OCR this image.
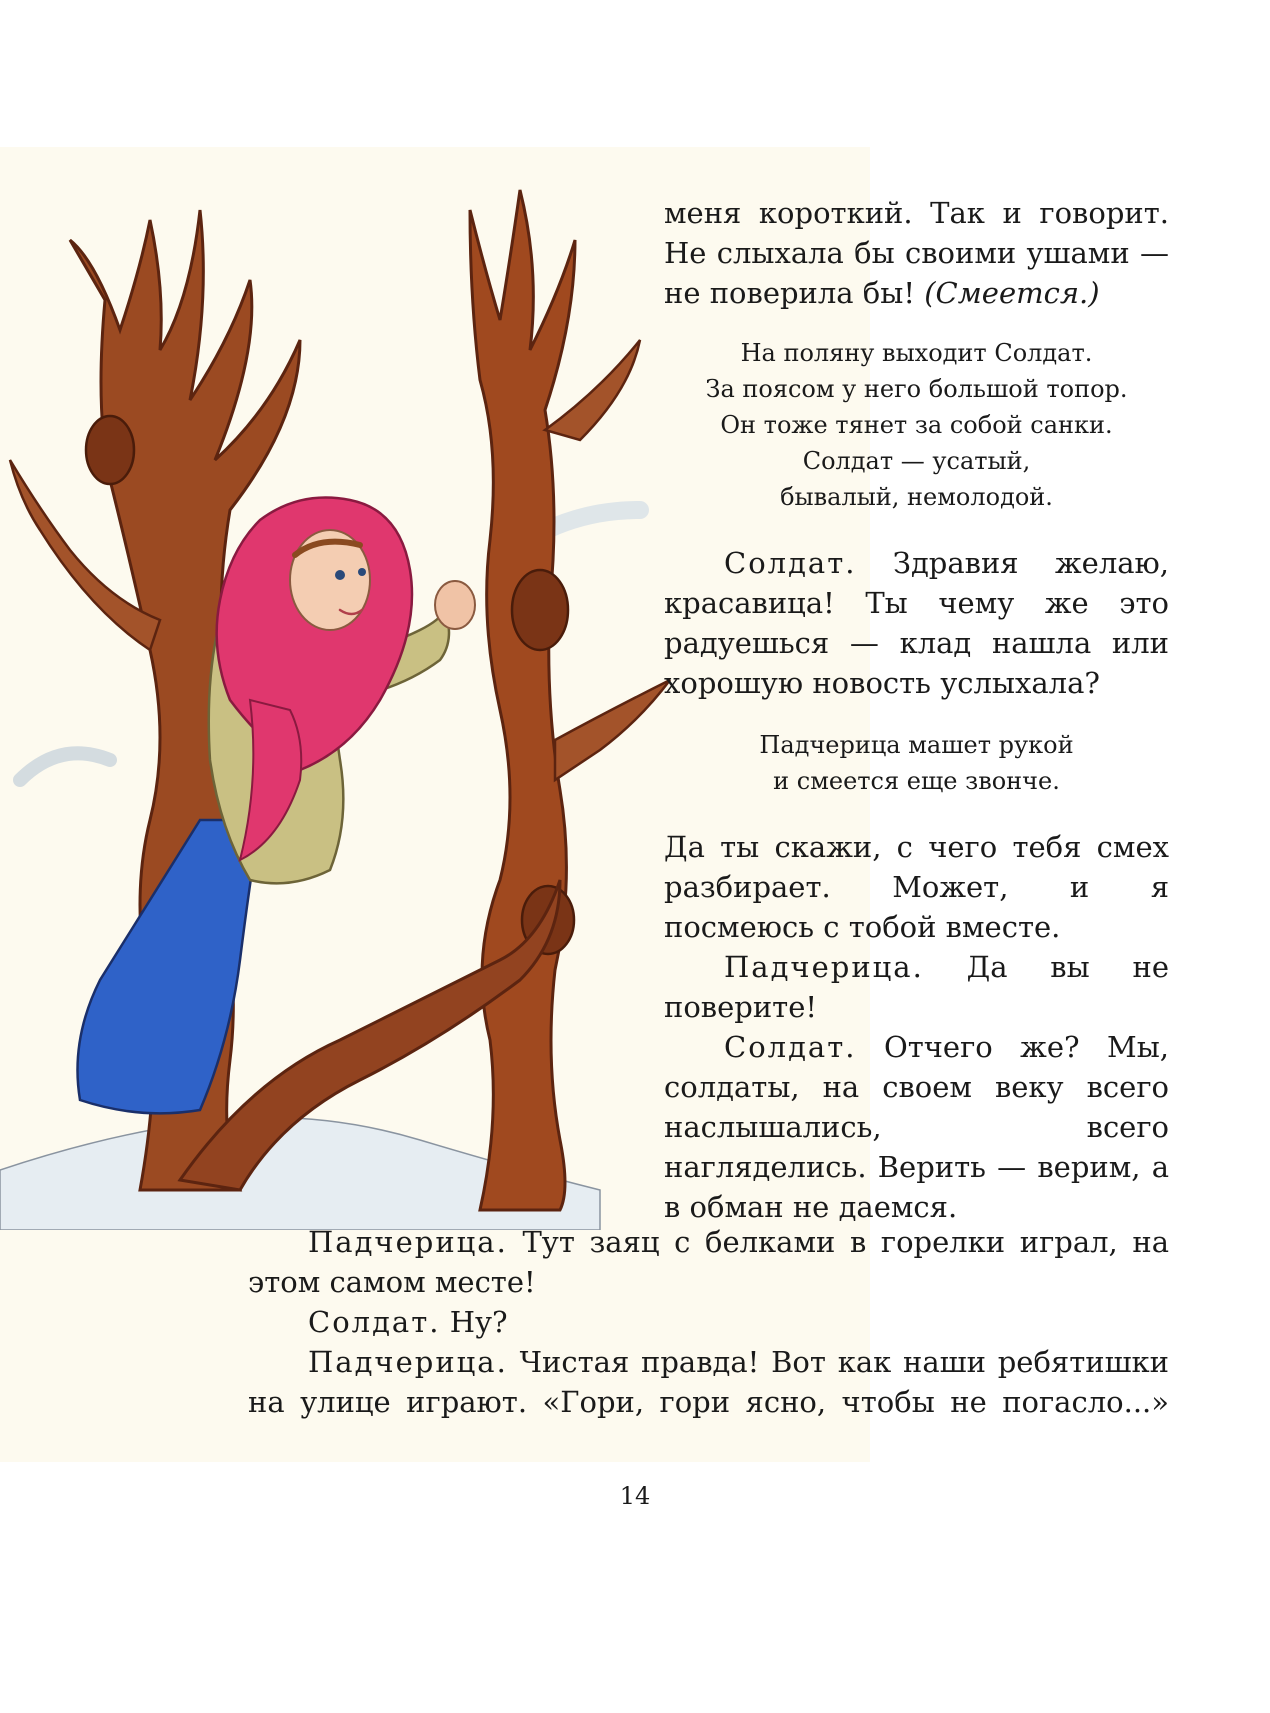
меня короткий. Так и говорит. Не слыхала бы своими ушами — не поверила бы! (Смеется.)

На поляну выходит Солдат.
За поясом у него большой топор.
Он тоже тянет за собой санки.
Солдат — усатый,
бывалый, немолодой.

Солдат. Здравия желаю, красавица! Ты чему же это радуешься — клад нашла или хорошую новость услыхала?

Падчерица машет рукой
и смеется еще звонче.

Да ты скажи, с чего тебя смех разбирает. Может, и я посмеюсь с тобой вместе.

Падчерица. Да вы не поверите!

Солдат. Отчего же? Мы, солдаты, на своем веку всего наслышались, всего нагляделись. Верить — верим, а в обман не даемся.

Падчерица. Тут заяц с белками в горелки играл, на этом самом месте!

Солдат. Ну?

Падчерица. Чистая правда! Вот как наши ребятишки на улице играют. «Гори, гори ясно, чтобы не погасло...»

14
